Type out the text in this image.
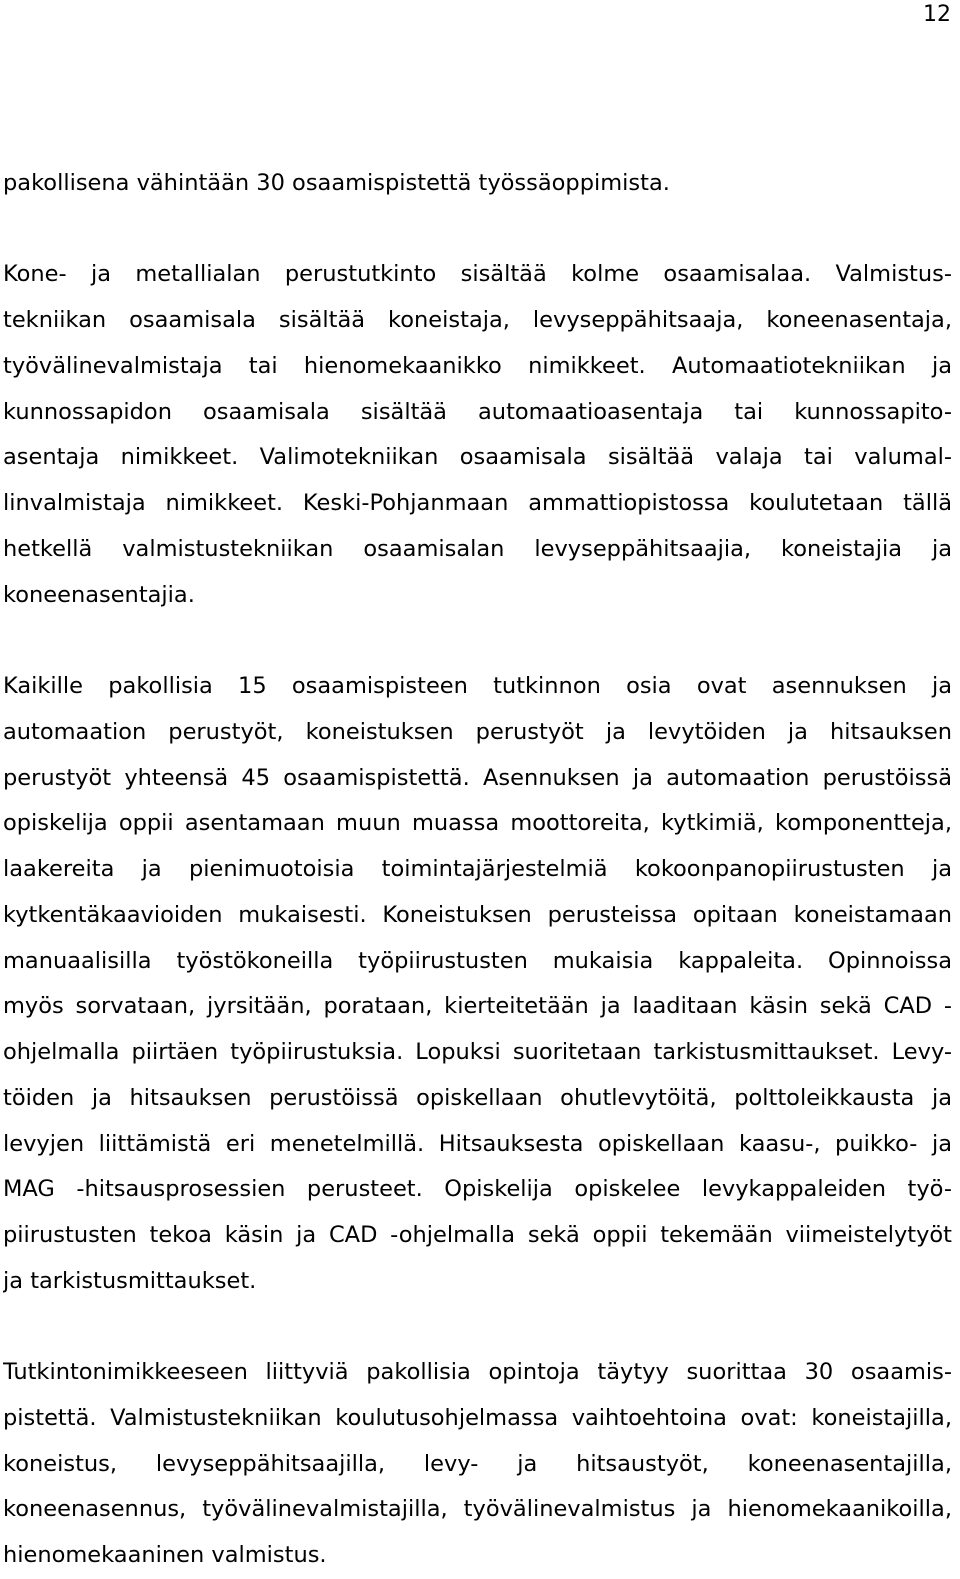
12
pakollisena vähintään 30 osaamispistettä työssäoppimista.
Kone- ja metallialan perustutkinto sisältää kolme osaamisalaa. Valmistus-
tekniikan osaamisala sisältää koneistaja, levyseppähitsaaja, koneenasentaja,
työvälinevalmistaja tai hienomekaanikko nimikkeet. Automaatiotekniikan ja
kunnossapidon osaamisala sisältää automaatioasentaja tai kunnossapito-
asentaja nimikkeet. Valimotekniikan osaamisala sisältää valaja tai valumal-
linvalmistaja nimikkeet. Keski-Pohjanmaan ammattiopistossa koulutetaan tällä
hetkellä valmistustekniikan osaamisalan levyseppähitsaajia, koneistajia ja
koneenasentajia.
Kaikille pakollisia 15 osaamispisteen tutkinnon osia ovat asennuksen ja
automaation perustyöt, koneistuksen perustyöt ja levytöiden ja hitsauksen
perustyöt yhteensä 45 osaamispistettä. Asennuksen ja automaation perustöissä
opiskelija oppii asentamaan muun muassa moottoreita, kytkimiä, komponentteja,
laakereita ja pienimuotoisia toimintajärjestelmiä kokoonpanopiirustusten ja
kytkentäkaavioiden mukaisesti. Koneistuksen perusteissa opitaan koneistamaan
manuaalisilla työstökoneilla työpiirustusten mukaisia kappaleita. Opinnoissa
myös sorvataan, jyrsitään, porataan, kierteitetään ja laaditaan käsin sekä CAD -
ohjelmalla piirtäen työpiirustuksia. Lopuksi suoritetaan tarkistusmittaukset. Levy-
töiden ja hitsauksen perustöissä opiskellaan ohutlevytöitä, polttoleikkausta ja
levyjen liittämistä eri menetelmillä. Hitsauksesta opiskellaan kaasu-, puikko- ja
MAG -hitsausprosessien perusteet. Opiskelija opiskelee levykappaleiden työ-
piirustusten tekoa käsin ja CAD -ohjelmalla sekä oppii tekemään viimeistelytyöt
ja tarkistusmittaukset.
Tutkintonimikkeeseen liittyviä pakollisia opintoja täytyy suorittaa 30 osaamis-
pistettä. Valmistustekniikan koulutusohjelmassa vaihtoehtoina ovat: koneistajilla,
koneistus, levyseppähitsaajilla, levy- ja hitsaustyöt, koneenasentajilla,
koneenasennus, työvälinevalmistajilla, työvälinevalmistus ja hienomekaanikoilla,
hienomekaaninen valmistus.
